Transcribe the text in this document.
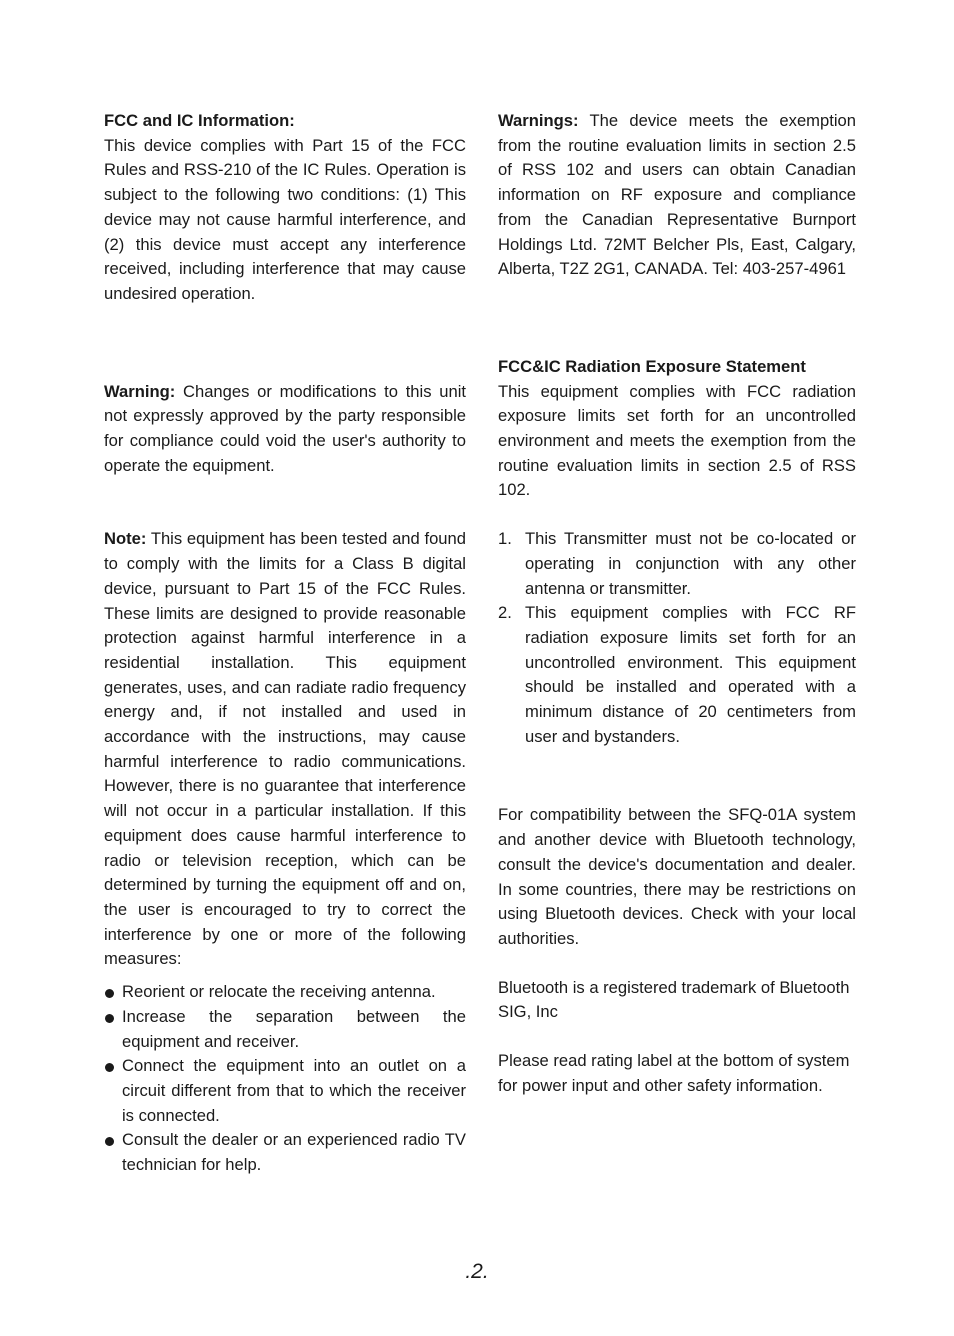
FCC and IC Information:

This device complies with Part 15 of the FCC Rules and RSS-210 of the IC Rules. Operation is subject to the following two conditions: (1) This device may not cause harmful interference, and (2) this device must accept any interference received, including interference that may cause undesired operation.

Warning: Changes or modifications to this unit not expressly approved by the party responsible for compliance could void the user's authority to operate the equipment.

Note: This equipment has been tested and found to comply with the limits for a Class B digital device, pursuant to Part 15 of the FCC Rules. These limits are designed to provide reasonable protection against harmful interference in a residential installation. This equipment generates, uses, and can radiate radio frequency energy and, if not installed and used in accordance with the instructions, may cause harmful interference to radio communications. However, there is no guarantee that interference will not occur in a particular installation. If this equipment does cause harmful interference to radio or television reception, which can be determined by turning the equipment off and on, the user is encouraged to try to correct the interference by one or more of the following measures:

Reorient or relocate the receiving antenna.
Increase the separation between the equipment and receiver.
Connect the equipment into an outlet on a circuit different from that to which the receiver is connected.
Consult the dealer or an experienced radio TV technician for help.

Warnings: The device meets the exemption from the routine evaluation limits in section 2.5 of RSS 102 and users can obtain Canadian information on RF exposure and compliance from the Canadian Representative Burnport Holdings Ltd. 72MT Belcher Pls, East, Calgary, Alberta, T2Z 2G1, CANADA. Tel: 403-257-4961

FCC&IC Radiation Exposure Statement

This equipment complies with FCC radiation exposure limits set forth for an uncontrolled environment and meets the exemption from the routine evaluation limits in section 2.5 of RSS 102.

1. This Transmitter must not be co-located or operating in conjunction with any other antenna or transmitter.
2. This equipment complies with FCC RF radiation exposure limits set forth for an uncontrolled environment. This equipment should be installed and operated with a minimum distance of 20 centimeters from user and bystanders.

For compatibility between the SFQ-01A system and another device with Bluetooth technology, consult the device's documentation and dealer. In some countries, there may be restrictions on using Bluetooth devices. Check with your local authorities.

Bluetooth is a registered trademark of Bluetooth SIG, Inc

Please read rating label at the bottom of system for power input and other safety information.

.2.
